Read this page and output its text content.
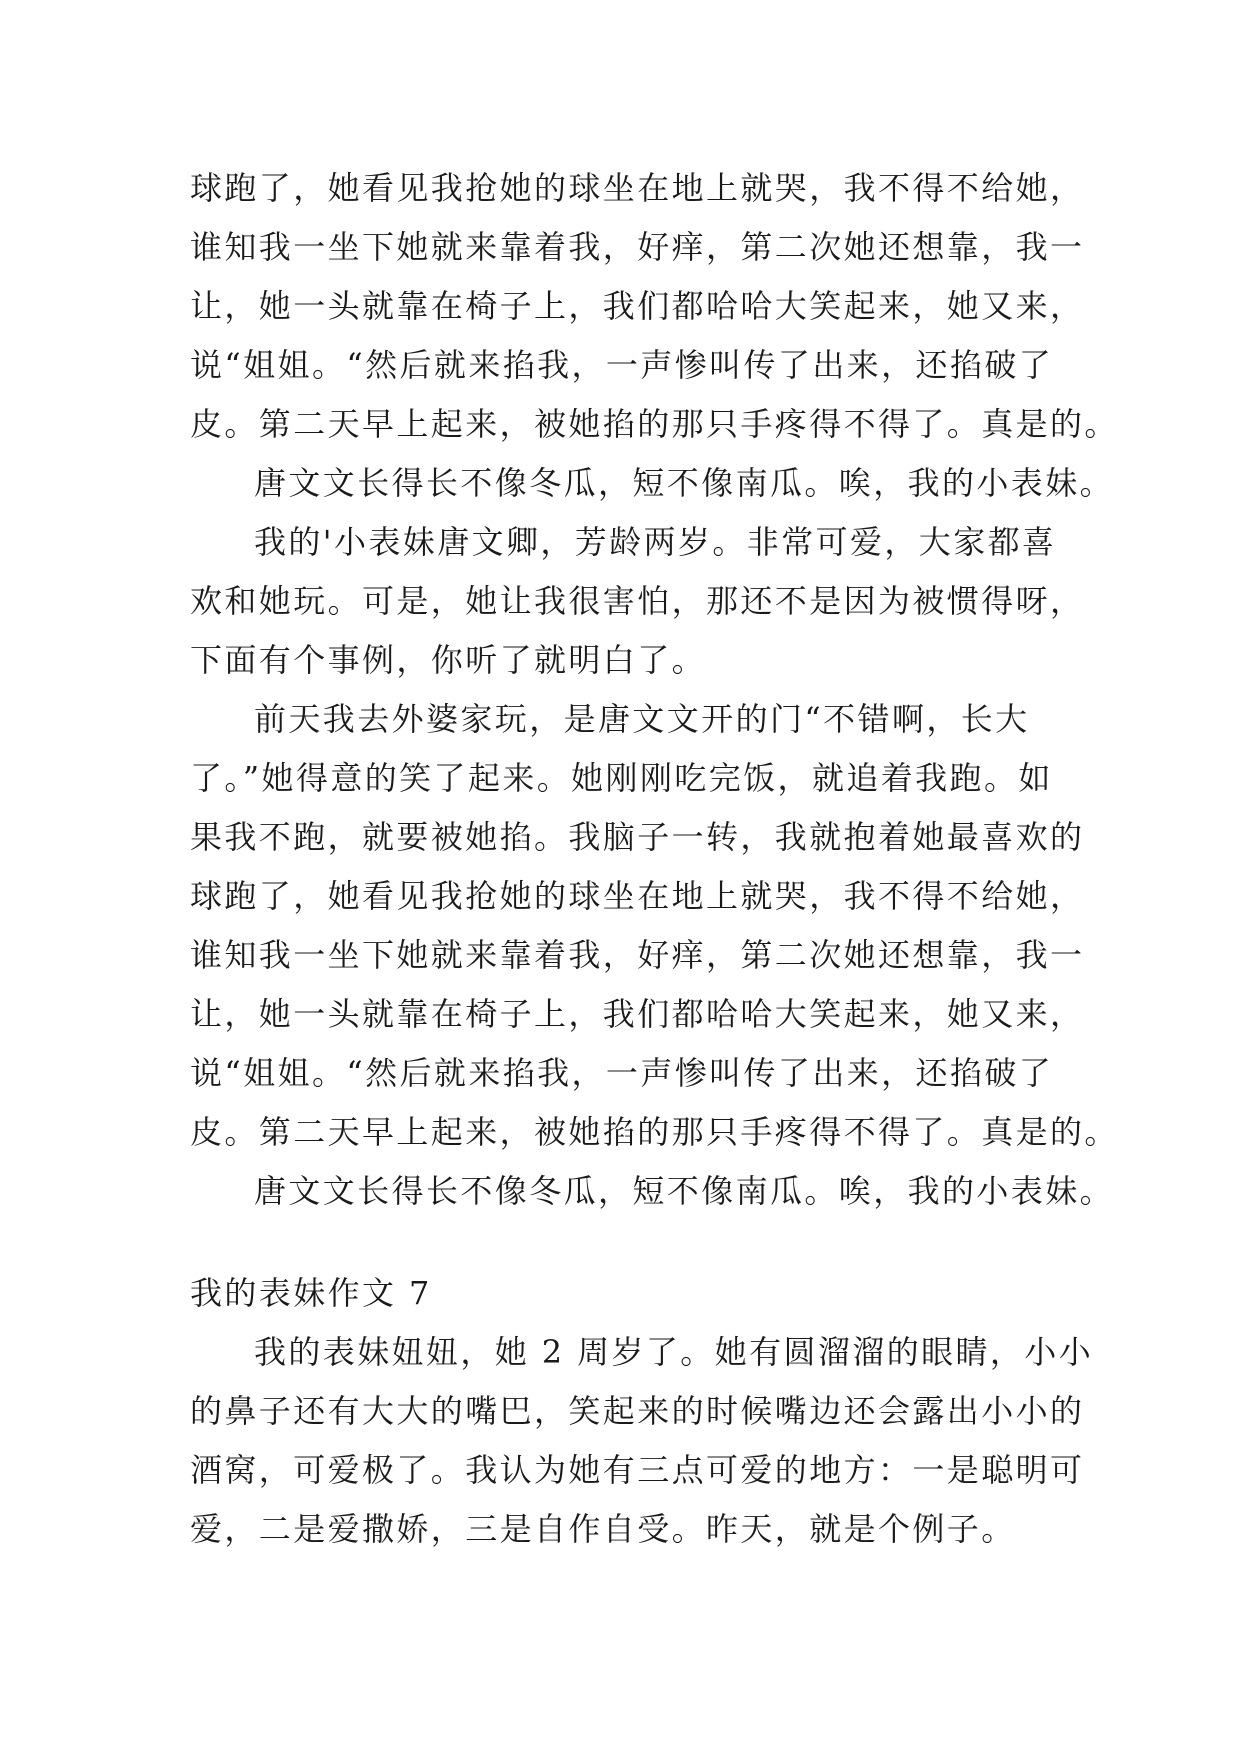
球跑了，她看见我抢她的球坐在地上就哭，我不得不给她，
谁知我一坐下她就来靠着我，好痒，第二次她还想靠，我一
让，她一头就靠在椅子上，我们都哈哈大笑起来，她又来，
说“姐姐。“然后就来掐我，一声惨叫传了出来，还掐破了
皮。第二天早上起来，被她掐的那只手疼得不得了。真是的。
唐文文长得长不像冬瓜，短不像南瓜。唉，我的小表妹。
我的'小表妹唐文卿，芳龄两岁。非常可爱，大家都喜
欢和她玩。可是，她让我很害怕，那还不是因为被惯得呀，
下面有个事例，你听了就明白了。
前天我去外婆家玩，是唐文文开的门“不错啊，长大
了。”她得意的笑了起来。她刚刚吃完饭，就追着我跑。如
果我不跑，就要被她掐。我脑子一转，我就抱着她最喜欢的
球跑了，她看见我抢她的球坐在地上就哭，我不得不给她，
谁知我一坐下她就来靠着我，好痒，第二次她还想靠，我一
让，她一头就靠在椅子上，我们都哈哈大笑起来，她又来，
说“姐姐。“然后就来掐我，一声惨叫传了出来，还掐破了
皮。第二天早上起来，被她掐的那只手疼得不得了。真是的。
唐文文长得长不像冬瓜，短不像南瓜。唉，我的小表妹。
我的表妹作文 7
我的表妹妞妞，她 2 周岁了。她有圆溜溜的眼睛，小小
的鼻子还有大大的嘴巴，笑起来的时候嘴边还会露出小小的
酒窝，可爱极了。我认为她有三点可爱的地方：一是聪明可
爱，二是爱撒娇，三是自作自受。昨天，就是个例子。
